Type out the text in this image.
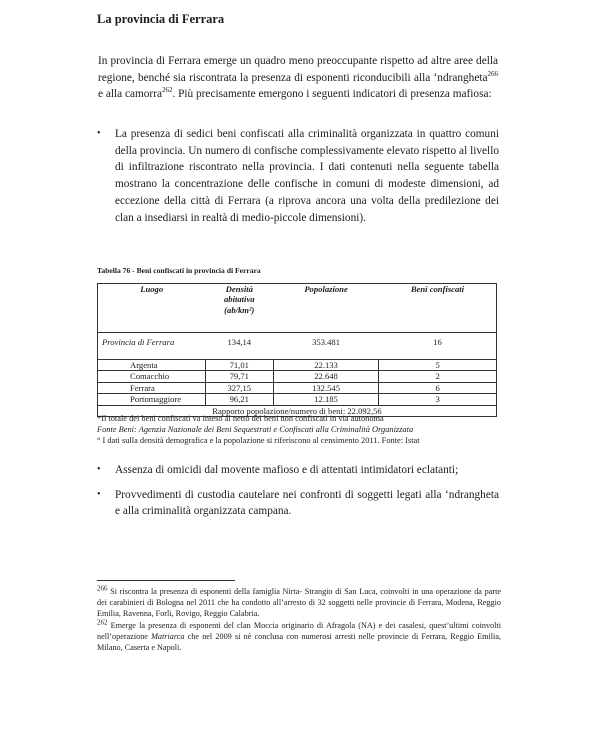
La provincia di Ferrara
In provincia di Ferrara emerge un quadro meno preoccupante rispetto ad altre aree della regione, benché sia riscontrata la presenza di esponenti riconducibili alla ‘ndrangheta$^{266}$ e alla camorra$^{262}$. Più precisamente emergono i seguenti indicatori di presenza mafiosa:
• La presenza di sedici beni confiscati alla criminalità organizzata in quattro comuni della provincia. Un numero di confische complessivamente elevato rispetto al livello di infiltrazione riscontrato nella provincia. I dati contenuti nella seguente tabella mostrano la concentrazione delle confische in comuni di modeste dimensioni, ad eccezione della città di Ferrara (a riprova ancora una volta della predilezione dei clan a insediarsi in realtà di medio-piccole dimensioni).
Tabella 76 - Beni confiscati in provincia di Ferrara
Luogo	Densità abitativa (ab/km²)	Popolazione	Beni confiscati
Provincia di Ferrara	134,14	353.481	16
Argenta	71,01	22.133	5
Comacchio	79,71	22.648	2
Ferrara	327,15	132.545	6
Portomaggiore	96,21	12.185	3
Rapporto popolazione/numero di beni: 22.092,56			
*Il totale dei beni confiscati va inteso al netto dei beni non confiscati in via autonoma
Fonte Beni: Agenzia Nazionale dei Beni Sequestrati e Confiscati alla Criminalità Organizzata
° I dati sulla densità demografica e la popolazione si riferiscono al censimento 2011. Fonte: Istat
• Assenza di omicidi dal movente mafioso e di attentati intimidatori eclatanti;
• Provvedimenti di custodia cautelare nei confronti di soggetti legati alla ‘ndrangheta e alla criminalità organizzata campana.
$^{266}$ Si riscontra la presenza di esponenti della famiglia Nirta- Strangio di San Luca, coinvolti in una operazione da parte dei carabinieri di Bologna nel 2011 che ha condotto all’arresto di 32 soggetti nelle provincie di Ferrara, Modena, Reggio Emilia, Ravenna, Forlì, Rovigo, Reggio Calabria.
$^{262}$ Emerge la presenza di esponenti del clan Moccia originario di Afragola (NA) e dei casalesi, quest’ultimi coinvolti nell’operazione Matriarca che nel 2009 si nè conclusa con numerosi arresti nelle provincie di Ferrara, Reggio Emilia, Milano, Caserta e Napoli.
